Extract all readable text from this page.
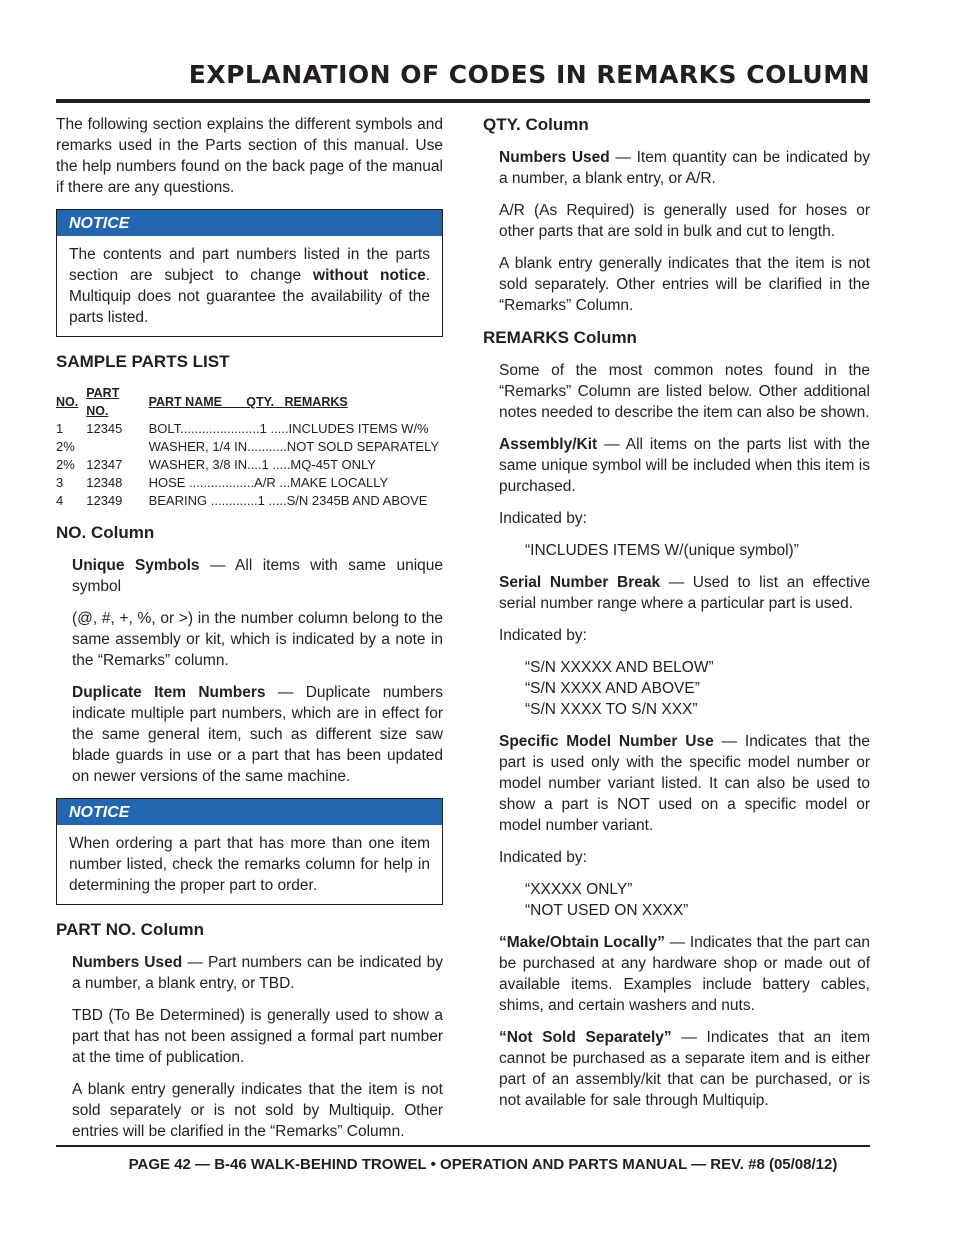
EXPLANATION OF CODES IN REMARKS COLUMN

The following section explains the different symbols and remarks used in the Parts section of this manual. Use the help numbers found on the back page of the manual if there are any questions.

NOTICE

The contents and part numbers listed in the parts section are subject to change without notice. Multiquip does not guarantee the availability of the parts listed.

SAMPLE PARTS LIST
NO.	PART NO.	PART NAME QTY. REMARKS
1	12345	BOLT......................1 .....INCLUDES ITEMS W/%
2%		WASHER, 1/4 IN...........NOT SOLD SEPARATELY
2%	12347	WASHER, 3/8 IN....1 .....MQ-45T ONLY
3	12348	HOSE ..................A/R ...MAKE LOCALLY
4	12349	BEARING .............1 .....S/N 2345B AND ABOVE
NO. Column

Unique Symbols — All items with same unique symbol

(@, #, +, %, or >) in the number column belong to the same assembly or kit, which is indicated by a note in the “Remarks” column.

Duplicate Item Numbers — Duplicate numbers indicate multiple part numbers, which are in effect for the same general item, such as different size saw blade guards in use or a part that has been updated on newer versions of the same machine.

NOTICE

When ordering a part that has more than one item number listed, check the remarks column for help in determining the proper part to order.

PART NO. Column

Numbers Used — Part numbers can be indicated by a number, a blank entry, or TBD.

TBD (To Be Determined) is generally used to show a part that has not been assigned a formal part number at the time of publication.

A blank entry generally indicates that the item is not sold separately or is not sold by Multiquip. Other entries will be clarified in the “Remarks” Column.

QTY. Column

Numbers Used — Item quantity can be indicated by a number, a blank entry, or A/R.

A/R (As Required) is generally used for hoses or other parts that are sold in bulk and cut to length.

A blank entry generally indicates that the item is not sold separately. Other entries will be clarified in the “Remarks” Column.

REMARKS Column

Some of the most common notes found in the “Remarks” Column are listed below. Other additional notes needed to describe the item can also be shown.

Assembly/Kit — All items on the parts list with the same unique symbol will be included when this item is purchased.

Indicated by:

“INCLUDES ITEMS W/(unique symbol)”

Serial Number Break — Used to list an effective serial number range where a particular part is used.

Indicated by:

“S/N XXXXX AND BELOW”
“S/N XXXX AND ABOVE”
“S/N XXXX TO S/N XXX”

Specific Model Number Use — Indicates that the part is used only with the specific model number or model number variant listed. It can also be used to show a part is NOT used on a specific model or model number variant.

Indicated by:

“XXXXX ONLY”
“NOT USED ON XXXX”

“Make/Obtain Locally” — Indicates that the part can be purchased at any hardware shop or made out of available items. Examples include battery cables, shims, and certain washers and nuts.

“Not Sold Separately” — Indicates that an item cannot be purchased as a separate item and is either part of an assembly/kit that can be purchased, or is not available for sale through Multiquip.

PAGE 42 — B-46 WALK-BEHIND TROWEL • OPERATION AND PARTS MANUAL — REV. #8 (05/08/12)
